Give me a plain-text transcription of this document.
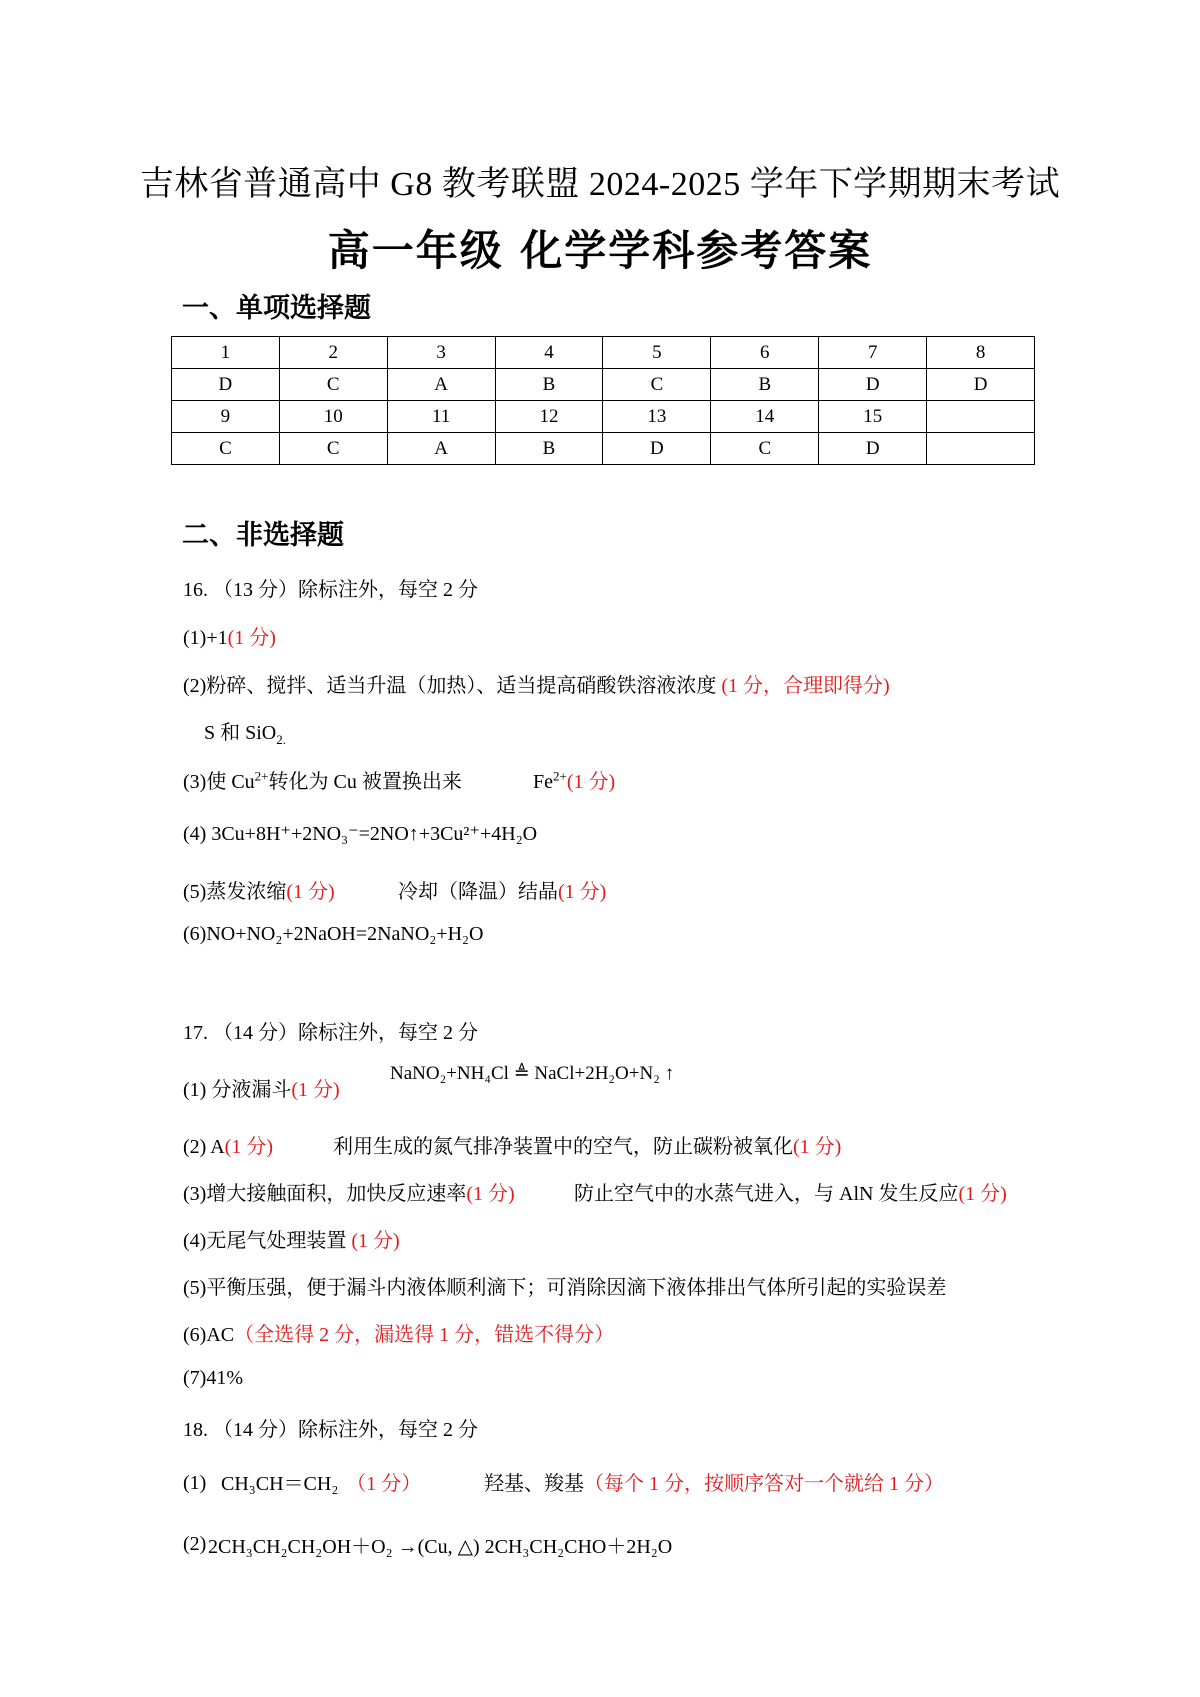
吉林省普通高中 G8 教考联盟 2024-2025 学年下学期期末考试
高一年级 化学学科参考答案
一、单项选择题
1	2	3	4	5	6	7	8
D	C	A	B	C	B	D	D
9	10	11	12	13	14	15	
C	C	A	B	D	C	D	
二、非选择题
16. （13 分）除标注外，每空 2 分
(1)+1(1 分)
(2)粉碎、搅拌、适当升温（加热）、适当提高硝酸铁溶液浓度 (1 分，合理即得分)
S 和 SiO$_{2.}$
(3)使 $Cu^{2+}$转化为 Cu 被置换出来	$Fe^{2+}(1$ 分)
(4) 3Cu+8H⁺+2NO₃⁻=2NO↑+3Cu²⁺+4H₂O
(5)蒸发浓缩(1 分)	冷却（降温）结晶(1 分)
(6)NO+NO₂+2NaOH=2NaNO₂+H₂O
17. （14 分）除标注外，每空 2 分
(1) 分液漏斗(1 分)
NaNO₂+NH₄Cl ≜ NaCl+2H₂O+N₂ ↑
(2) A(1 分)	利用生成的氮气排净装置中的空气，防止碳粉被氧化(1 分)
(3)增大接触面积，加快反应速率(1 分)	防止空气中的水蒸气进入，与 AlN 发生反应(1 分)
(4)无尾气处理装置 (1 分)
(5)平衡压强，便于漏斗内液体顺利滴下；可消除因滴下液体排出气体所引起的实验误差
(6)AC（全选得 2 分，漏选得 1 分，错选不得分）
(7)41%
18. （14 分）除标注外，每空 2 分
(1) CH₃CH＝CH₂ （1 分）	羟基、羧基（每个 1 分，按顺序答对一个就给 1 分）
(2) 2CH₃CH₂CH₂OH＋O₂ →(Cu, △) 2CH₃CH₂CHO＋2H₂O
